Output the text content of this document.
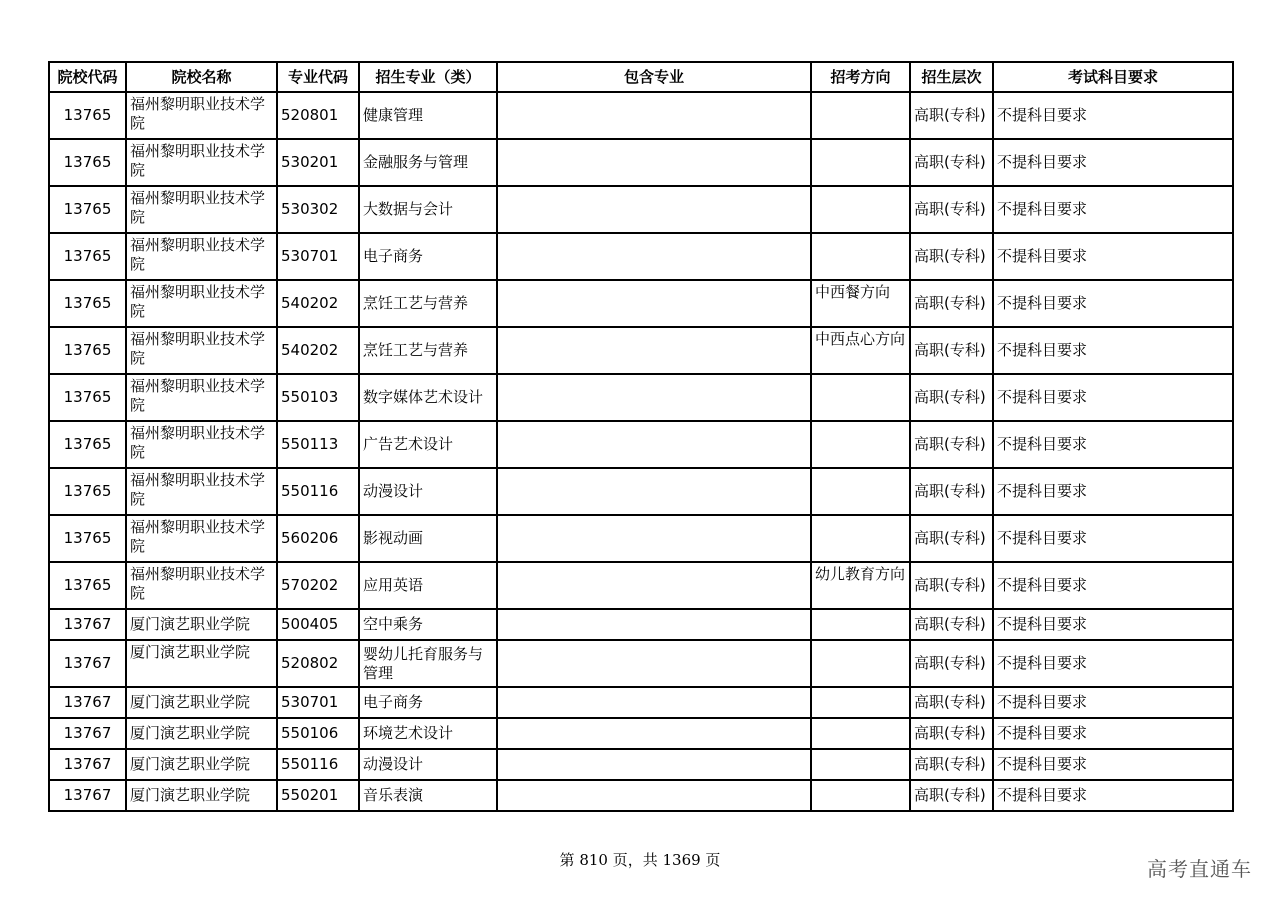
院校代码	院校名称	专业代码	招生专业（类）	包含专业	招考方向	招生层次	考试科目要求
13765	福州黎明职业技术学院	520801	健康管理			高职(专科)	不提科目要求
13765	福州黎明职业技术学院	530201	金融服务与管理			高职(专科)	不提科目要求
13765	福州黎明职业技术学院	530302	大数据与会计			高职(专科)	不提科目要求
13765	福州黎明职业技术学院	530701	电子商务			高职(专科)	不提科目要求
13765	福州黎明职业技术学院	540202	烹饪工艺与营养		中西餐方向	高职(专科)	不提科目要求
13765	福州黎明职业技术学院	540202	烹饪工艺与营养		中西点心方向	高职(专科)	不提科目要求
13765	福州黎明职业技术学院	550103	数字媒体艺术设计			高职(专科)	不提科目要求
13765	福州黎明职业技术学院	550113	广告艺术设计			高职(专科)	不提科目要求
13765	福州黎明职业技术学院	550116	动漫设计			高职(专科)	不提科目要求
13765	福州黎明职业技术学院	560206	影视动画			高职(专科)	不提科目要求
13765	福州黎明职业技术学院	570202	应用英语		幼儿教育方向	高职(专科)	不提科目要求
13767	厦门演艺职业学院	500405	空中乘务			高职(专科)	不提科目要求
13767	厦门演艺职业学院	520802	婴幼儿托育服务与管理			高职(专科)	不提科目要求
13767	厦门演艺职业学院	530701	电子商务			高职(专科)	不提科目要求
13767	厦门演艺职业学院	550106	环境艺术设计			高职(专科)	不提科目要求
13767	厦门演艺职业学院	550116	动漫设计			高职(专科)	不提科目要求
13767	厦门演艺职业学院	550201	音乐表演			高职(专科)	不提科目要求
第 810 页，共 1369 页	高考直通车
